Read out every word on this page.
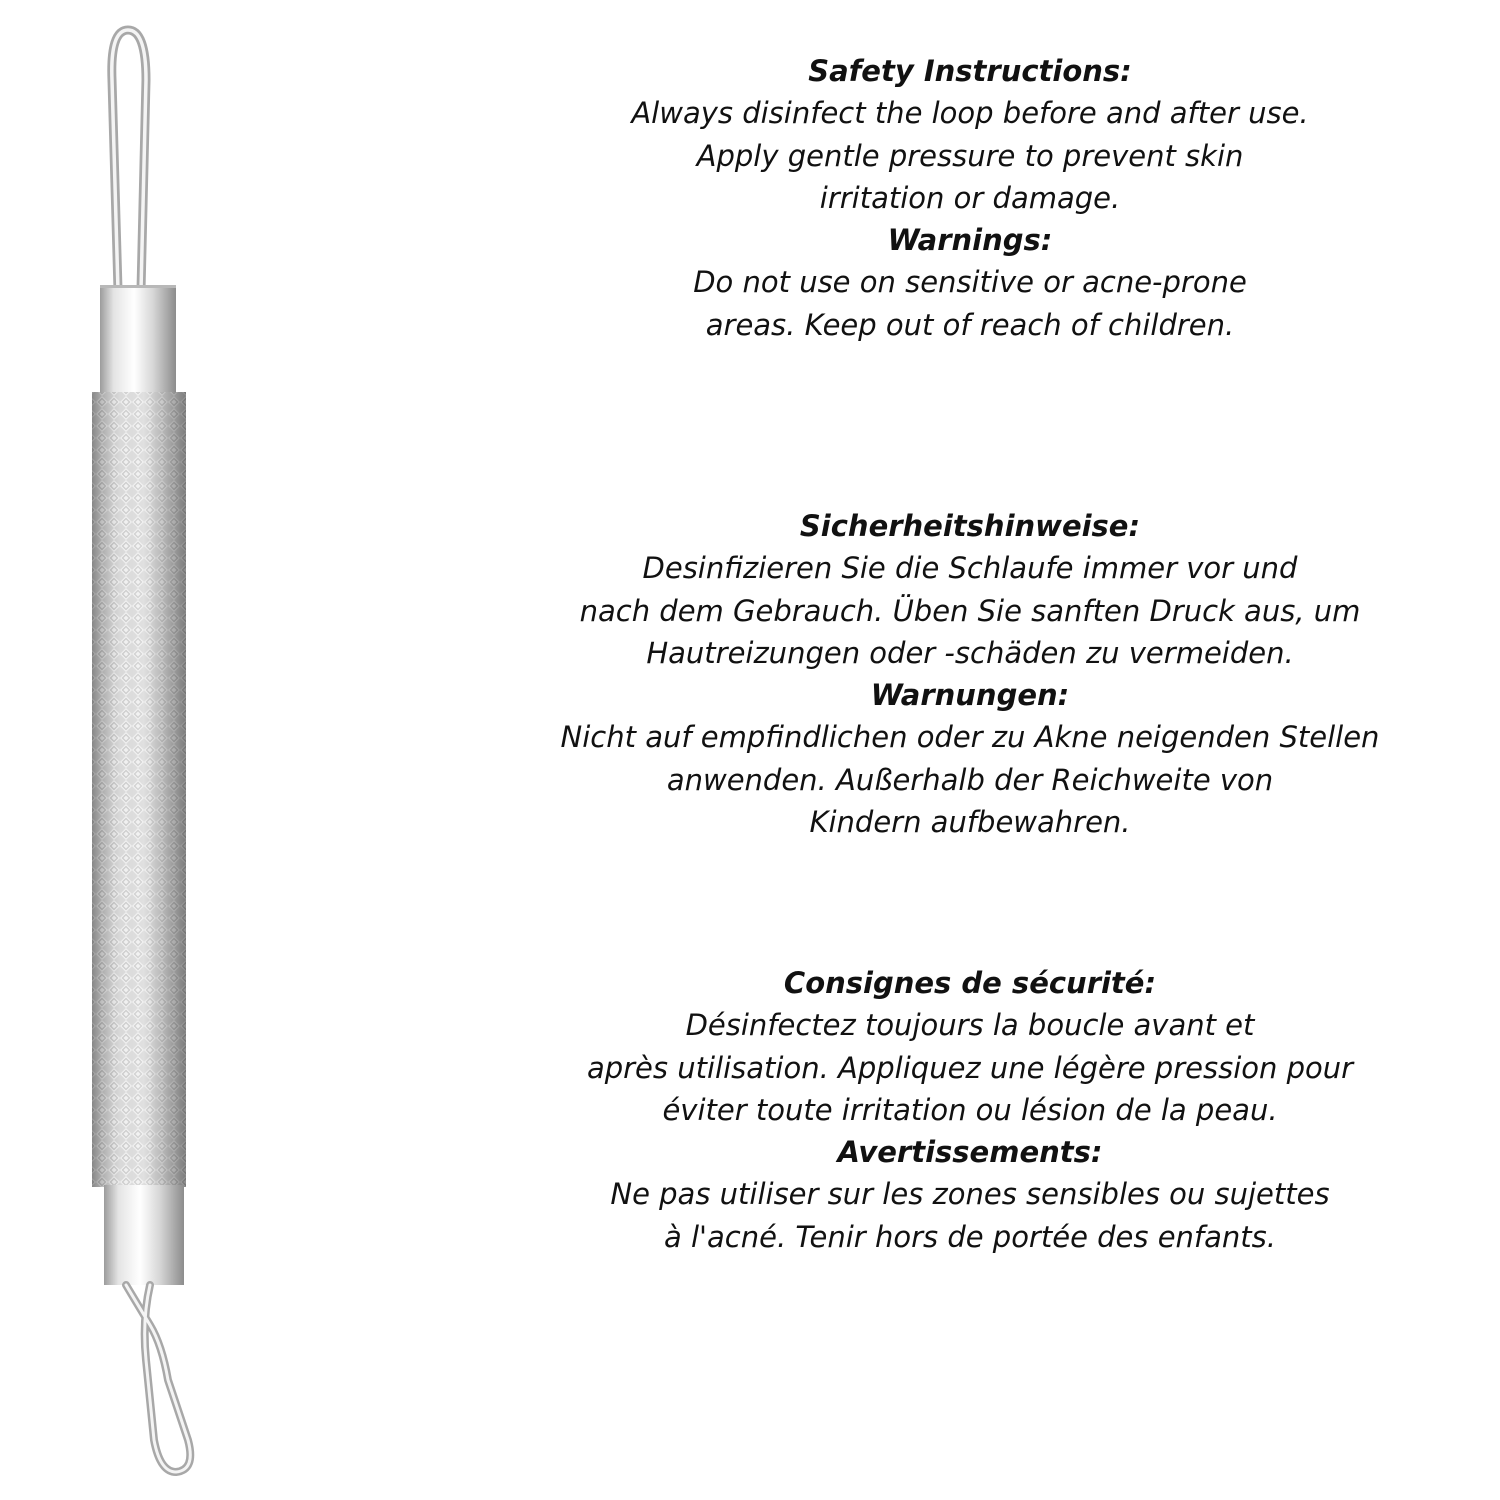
Safety Instructions:
Always disinfect the loop before and after use.
Apply gentle pressure to prevent skin
irritation or damage.
Warnings:
Do not use on sensitive or acne-prone
areas. Keep out of reach of children.
Sicherheitshinweise:
Desinfizieren Sie die Schlaufe immer vor und
nach dem Gebrauch. Üben Sie sanften Druck aus, um
Hautreizungen oder -schäden zu vermeiden.
Warnungen:
Nicht auf empfindlichen oder zu Akne neigenden Stellen
anwenden. Außerhalb der Reichweite von
Kindern aufbewahren.
Consignes de sécurité:
Désinfectez toujours la boucle avant et
après utilisation. Appliquez une légère pression pour
éviter toute irritation ou lésion de la peau.
Avertissements:
Ne pas utiliser sur les zones sensibles ou sujettes
à l'acné. Tenir hors de portée des enfants.
